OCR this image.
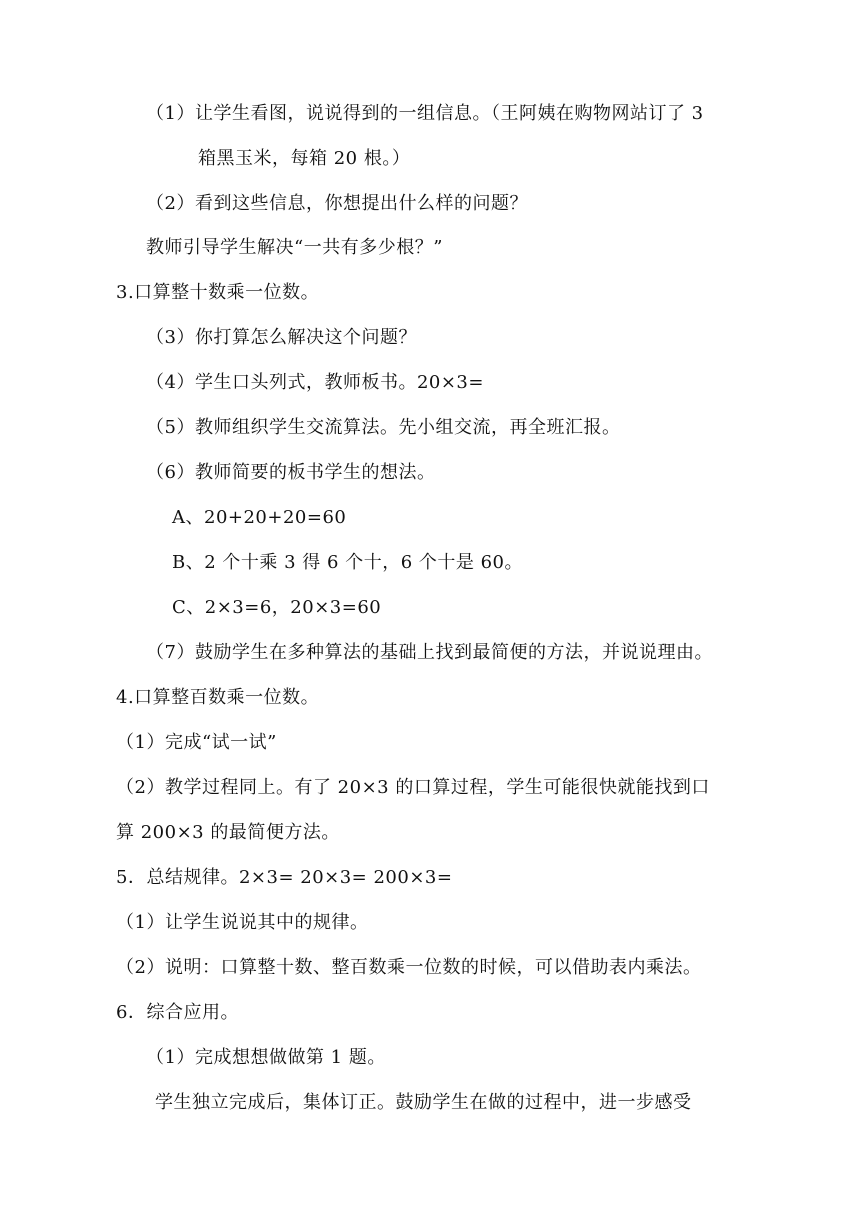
（1）让学生看图，说说得到的一组信息。（王阿姨在购物网站订了 3
箱黑玉米，每箱 20 根。）
（2）看到这些信息，你想提出什么样的问题？
教师引导学生解决“一共有多少根？”
3.口算整十数乘一位数。
（3）你打算怎么解决这个问题？
（4）学生口头列式，教师板书。20×3=
（5）教师组织学生交流算法。先小组交流，再全班汇报。
（6）教师简要的板书学生的想法。
A、20+20+20=60
B、2 个十乘 3 得 6 个十，6 个十是 60。
C、2×3=6，20×3=60
（7）鼓励学生在多种算法的基础上找到最简便的方法，并说说理由。
4.口算整百数乘一位数。
（1）完成“试一试”
（2）教学过程同上。有了 20×3 的口算过程，学生可能很快就能找到口
算 200×3 的最简便方法。
5．总结规律。2×3= 20×3= 200×3=
（1）让学生说说其中的规律。
（2）说明：口算整十数、整百数乘一位数的时候，可以借助表内乘法。
6．综合应用。
（1）完成想想做做第 1 题。
学生独立完成后，集体订正。鼓励学生在做的过程中，进一步感受
